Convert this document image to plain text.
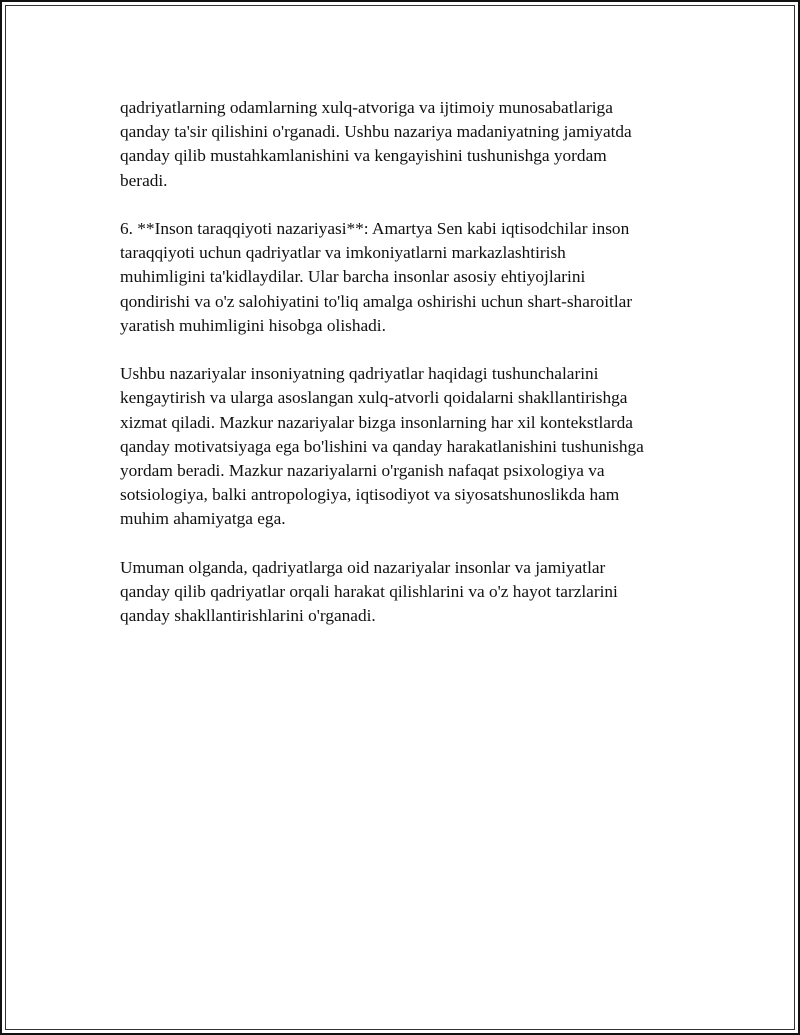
qadriyatlarning odamlarning xulq-atvoriga va ijtimoiy munosabatlariga
qanday ta'sir qilishini o'rganadi. Ushbu nazariya madaniyatning jamiyatda
qanday qilib mustahkamlanishini va kengayishini tushunishga yordam
beradi.

6. **Inson taraqqiyoti nazariyasi**: Amartya Sen kabi iqtisodchilar inson
taraqqiyoti uchun qadriyatlar va imkoniyatlarni markazlashtirish
muhimligini ta'kidlaydilar. Ular barcha insonlar asosiy ehtiyojlarini
qondirishi va o'z salohiyatini to'liq amalga oshirishi uchun shart-sharoitlar
yaratish muhimligini hisobga olishadi.

Ushbu nazariyalar insoniyatning qadriyatlar haqidagi tushunchalarini
kengaytirish va ularga asoslangan xulq-atvorli qoidalarni shakllantirishga
xizmat qiladi. Mazkur nazariyalar bizga insonlarning har xil kontekstlarda
qanday motivatsiyaga ega bo'lishini va qanday harakatlanishini tushunishga
yordam beradi. Mazkur nazariyalarni o'rganish nafaqat psixologiya va
sotsiologiya, balki antropologiya, iqtisodiyot va siyosatshunoslikda ham
muhim ahamiyatga ega.

Umuman olganda, qadriyatlarga oid nazariyalar insonlar va jamiyatlar
qanday qilib qadriyatlar orqali harakat qilishlarini va o'z hayot tarzlarini
qanday shakllantirishlarini o'rganadi.
